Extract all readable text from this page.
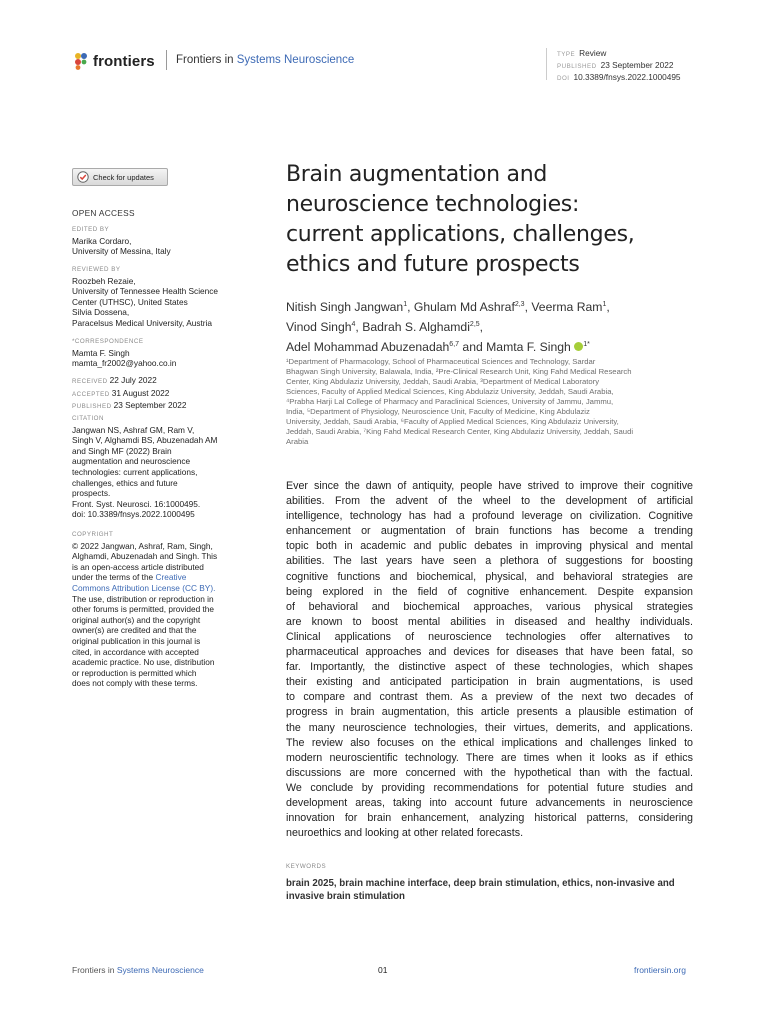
frontiers Frontiers in Systems Neuroscience	TYPE Review
PUBLISHED 23 September 2022
DOI 10.3389/fnsys.2022.1000495
Check for updates
OPEN ACCESS
EDITED BY
Marika Cordaro,
University of Messina, Italy
REVIEWED BY
Roozbeh Rezaie,
University of Tennessee Health Science
Center (UTHSC), United States
Silvia Dossena,
Paracelsus Medical University, Austria
*CORRESPONDENCE
Mamta F. Singh
mamta_fr2002@yahoo.co.in
RECEIVED 22 July 2022
ACCEPTED 31 August 2022
PUBLISHED 23 September 2022
CITATION
Jangwan NS, Ashraf GM, Ram V,
Singh V, Alghamdi BS, Abuzenadah AM
and Singh MF (2022) Brain
augmentation and neuroscience
technologies: current applications,
challenges, ethics and future
prospects.
Front. Syst. Neurosci. 16:1000495.
doi: 10.3389/fnsys.2022.1000495
COPYRIGHT
© 2022 Jangwan, Ashraf, Ram, Singh,
Alghamdi, Abuzenadah and Singh. This
is an open-access article distributed
under the terms of the Creative
Commons Attribution License (CC BY).
The use, distribution or reproduction in
other forums is permitted, provided the
original author(s) and the copyright
owner(s) are credited and that the
original publication in this journal is
cited, in accordance with accepted
academic practice. No use, distribution
or reproduction is permitted which
does not comply with these terms.
Brain augmentation and
neuroscience technologies:
current applications, challenges,
ethics and future prospects
Nitish Singh Jangwan$^1$, Ghulam Md Ashraf$^{2,3}$, Veerma Ram$^1$,
Vinod Singh$^4$, Badrah S. Alghamdi$^{2,5}$,
Adel Mohammad Abuzenadah$^{6,7}$ and Mamta F. Singh $^{1*}$
¹Department of Pharmacology, School of Pharmaceutical Sciences and Technology, Sardar
Bhagwan Singh University, Balawala, India, ²Pre-Clinical Research Unit, King Fahd Medical Research
Center, King Abdulaziz University, Jeddah, Saudi Arabia, ³Department of Medical Laboratory
Sciences, Faculty of Applied Medical Sciences, King Abdulaziz University, Jeddah, Saudi Arabia,
⁴Prabha Harji Lal College of Pharmacy and Paraclinical Sciences, University of Jammu, Jammu,
India, ⁵Department of Physiology, Neuroscience Unit, Faculty of Medicine, King Abdulaziz
University, Jeddah, Saudi Arabia, ⁶Faculty of Applied Medical Sciences, King Abdulaziz University,
Jeddah, Saudi Arabia, ⁷King Fahd Medical Research Center, King Abdulaziz University, Jeddah, Saudi
Arabia
Ever since the dawn of antiquity, people have strived to improve their cognitive
abilities. From the advent of the wheel to the development of artificial
intelligence, technology has had a profound leverage on civilization. Cognitive
enhancement or augmentation of brain functions has become a trending
topic both in academic and public debates in improving physical and mental
abilities. The last years have seen a plethora of suggestions for boosting
cognitive functions and biochemical, physical, and behavioral strategies are
being explored in the field of cognitive enhancement. Despite expansion
of behavioral and biochemical approaches, various physical strategies
are known to boost mental abilities in diseased and healthy individuals.
Clinical applications of neuroscience technologies offer alternatives to
pharmaceutical approaches and devices for diseases that have been fatal, so
far. Importantly, the distinctive aspect of these technologies, which shapes
their existing and anticipated participation in brain augmentations, is used
to compare and contrast them. As a preview of the next two decades of
progress in brain augmentation, this article presents a plausible estimation of
the many neuroscience technologies, their virtues, demerits, and applications.
The review also focuses on the ethical implications and challenges linked to
modern neuroscientific technology. There are times when it looks as if ethics
discussions are more concerned with the hypothetical than with the factual.
We conclude by providing recommendations for potential future studies and
development areas, taking into account future advancements in neuroscience
innovation for brain enhancement, analyzing historical patterns, considering
neuroethics and looking at other related forecasts.
KEYWORDS
brain 2025, brain machine interface, deep brain stimulation, ethics, non-invasive and
invasive brain stimulation
Frontiers in Systems Neuroscience	01	frontiersin.org
